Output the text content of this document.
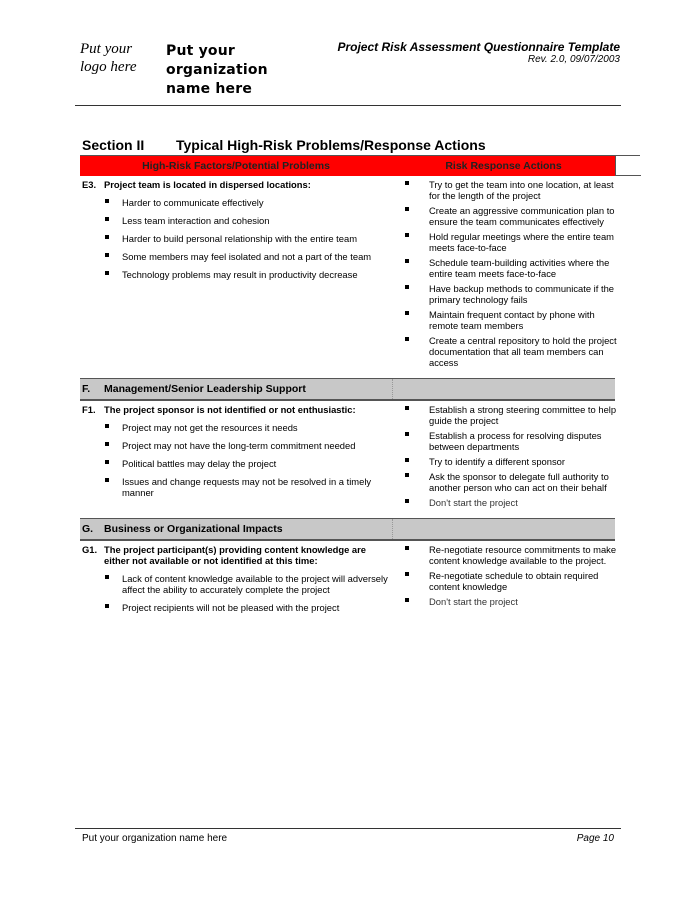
Put your logo here
Put your organization name here
Project Risk Assessment Questionnaire Template
Rev. 2.0, 09/07/2003
Section II Typical High-Risk Problems/Response Actions
High-Risk Factors/Potential Problems	Risk Response Actions
E3. Project team is located in dispersed locations:
Harder to communicate effectively
Less team interaction and cohesion
Harder to build personal relationship with the entire team
Some members may feel isolated and not a part of the team
Technology problems may result in productivity decrease
Try to get the team into one location, at least for the length of the project
Create an aggressive communication plan to ensure the team communicates effectively
Hold regular meetings where the entire team meets face-to-face
Schedule team-building activities where the entire team meets face-to-face
Have backup methods to communicate if the primary technology fails
Maintain frequent contact by phone with remote team members
Create a central repository to hold the project documentation that all team members can access
F. Management/Senior Leadership Support
F1. The project sponsor is not identified or not enthusiastic:
Project may not get the resources it needs
Project may not have the long-term commitment needed
Political battles may delay the project
Issues and change requests may not be resolved in a timely manner
Establish a strong steering committee to help guide the project
Establish a process for resolving disputes between departments
Try to identify a different sponsor
Ask the sponsor to delegate full authority to another person who can act on their behalf
Don't start the project
G. Business or Organizational Impacts
G1. The project participant(s) providing content knowledge are either not available or not identified at this time:
Lack of content knowledge available to the project will adversely affect the ability to accurately complete the project
Project recipients will not be pleased with the project
Re-negotiate resource commitments to make content knowledge available to the project.
Re-negotiate schedule to obtain required content knowledge
Don't start the project
Put your organization name here	Page 10
